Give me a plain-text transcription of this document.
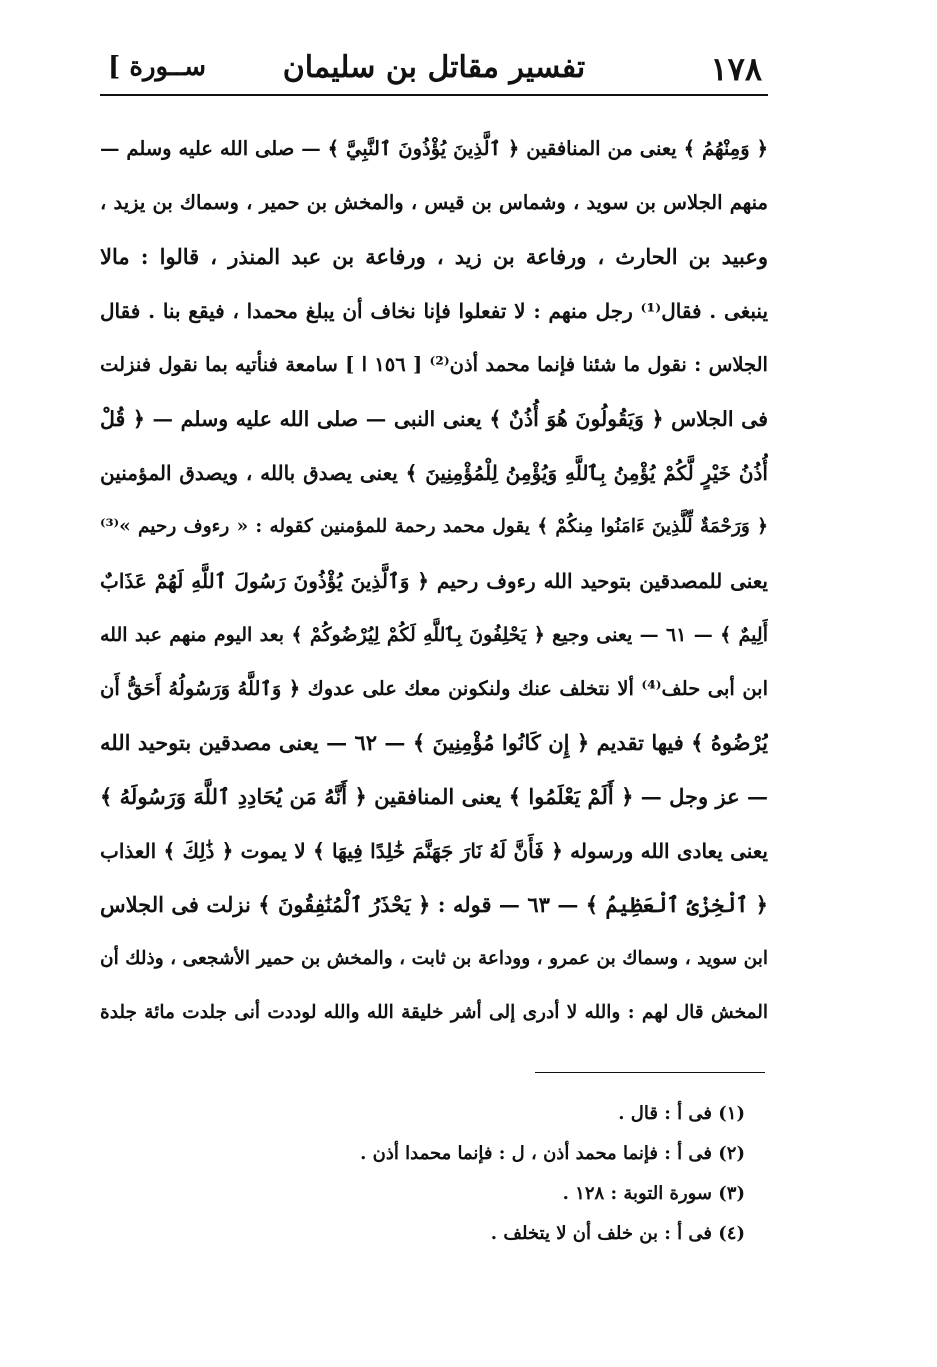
١٧٨
تفسير مقاتل بن سليمان
[ ســورة
﴿ وَمِنْهُمُ ﴾ يعنى من المنافقين ﴿ ٱلَّذِينَ يُؤْذُونَ ٱلنَّبِيَّ ﴾ — صلى الله عليه وسلم —
منهم الجلاس بن سويد ، وشماس بن قيس ، والمخش بن حمير ، وسماك بن يزيد ،
وعبيد بن الحارث ، ورفاعة بن زيد ، ورفاعة بن عبد المنذر ، قالوا : مالا
ينبغى . فقال⁽¹⁾ رجل منهم : لا تفعلوا فإنا نخاف أن يبلغ محمدا ، فيقع بنا . فقال
الجلاس : نقول ما شئنا فإنما محمد أذن⁽²⁾ [ ١٥٦ ا ] سامعة فنأتيه بما نقول فنزلت
فى الجلاس ﴿ وَيَقُولُونَ هُوَ أُذُنٌ ﴾ يعنى النبى — صلى الله عليه وسلم — ﴿ قُلْ
أُذُنُ خَيْرٍ لَّكُمْ يُؤْمِنُ بِٱللَّهِ وَيُؤْمِنُ لِلْمُؤْمِنِينَ ﴾ يعنى يصدق بالله ، ويصدق المؤمنين
﴿ وَرَحْمَةٌ لِّلَّذِينَ ءَامَنُوا مِنكُمْ ﴾ يقول محمد رحمة للمؤمنين كقوله : « رءوف رحيم »⁽³⁾
يعنى للمصدقين بتوحيد الله رءوف رحيم ﴿ وَٱلَّذِينَ يُؤْذُونَ رَسُولَ ٱللَّهِ لَهُمْ عَذَابٌ
أَلِيمٌ ﴾ — ٦١ — يعنى وجيع ﴿ يَحْلِفُونَ بِٱللَّهِ لَكُمْ لِيُرْضُوكُمْ ﴾ بعد اليوم منهم عبد الله
ابن أبى حلف⁽⁴⁾ ألا نتخلف عنك ولنكونن معك على عدوك ﴿ وَٱللَّهُ وَرَسُولُهُ أَحَقُّ أَن
يُرْضُوهُ ﴾ فيها تقديم ﴿ إِن كَانُوا مُؤْمِنِينَ ﴾ — ٦٢ — يعنى مصدقين بتوحيد الله
— عز وجل — ﴿ أَلَمْ يَعْلَمُوا ﴾ يعنى المنافقين ﴿ أَنَّهُ مَن يُحَادِدِ ٱللَّهَ وَرَسُولَهُ ﴾
يعنى يعادى الله ورسوله ﴿ فَأَنَّ لَهُ نَارَ جَهَنَّمَ خَٰلِدًا فِيهَا ﴾ لا يموت ﴿ ذَٰلِكَ ﴾ العذاب
﴿ ٱلْخِزْىُ ٱلْعَظِيمُ ﴾ — ٦٣ — قوله : ﴿ يَحْذَرُ ٱلْمُنَٰفِقُونَ ﴾ نزلت فى الجلاس
ابن سويد ، وسماك بن عمرو ، ووداعة بن ثابت ، والمخش بن حمير الأشجعى ، وذلك أن
المخش قال لهم : والله لا أدرى إلى أشر خليقة الله والله لوددت أنى جلدت مائة جلدة
(١) فى أ : قال .
(٢) فى أ : فإنما محمد أذن ، ل : فإنما محمدا أذن .
(٣) سورة التوبة : ١٢٨ .
(٤) فى أ : بن خلف أن لا يتخلف .
